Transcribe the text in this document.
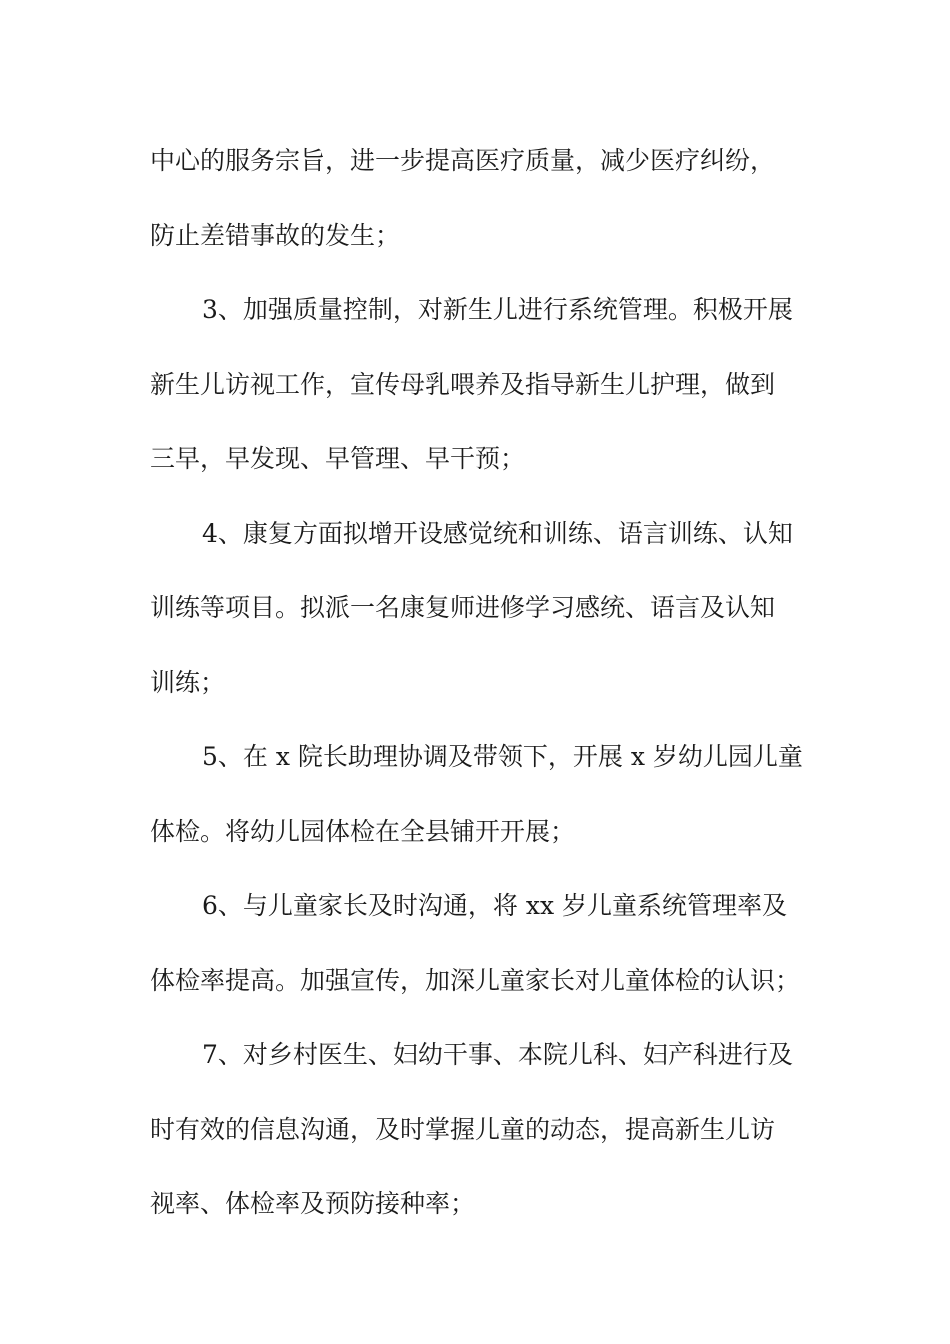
中心的服务宗旨，进一步提高医疗质量，减少医疗纠纷，
防止差错事故的发生；
3、加强质量控制，对新生儿进行系统管理。积极开展
新生儿访视工作，宣传母乳喂养及指导新生儿护理，做到
三早，早发现、早管理、早干预；
4、康复方面拟增开设感觉统和训练、语言训练、认知
训练等项目。拟派一名康复师进修学习感统、语言及认知
训练；
5、在 x 院长助理协调及带领下，开展 x 岁幼儿园儿童
体检。将幼儿园体检在全县铺开开展；
6、与儿童家长及时沟通，将 xx 岁儿童系统管理率及
体检率提高。加强宣传，加深儿童家长对儿童体检的认识；
7、对乡村医生、妇幼干事、本院儿科、妇产科进行及
时有效的信息沟通，及时掌握儿童的动态，提高新生儿访
视率、体检率及预防接种率；
